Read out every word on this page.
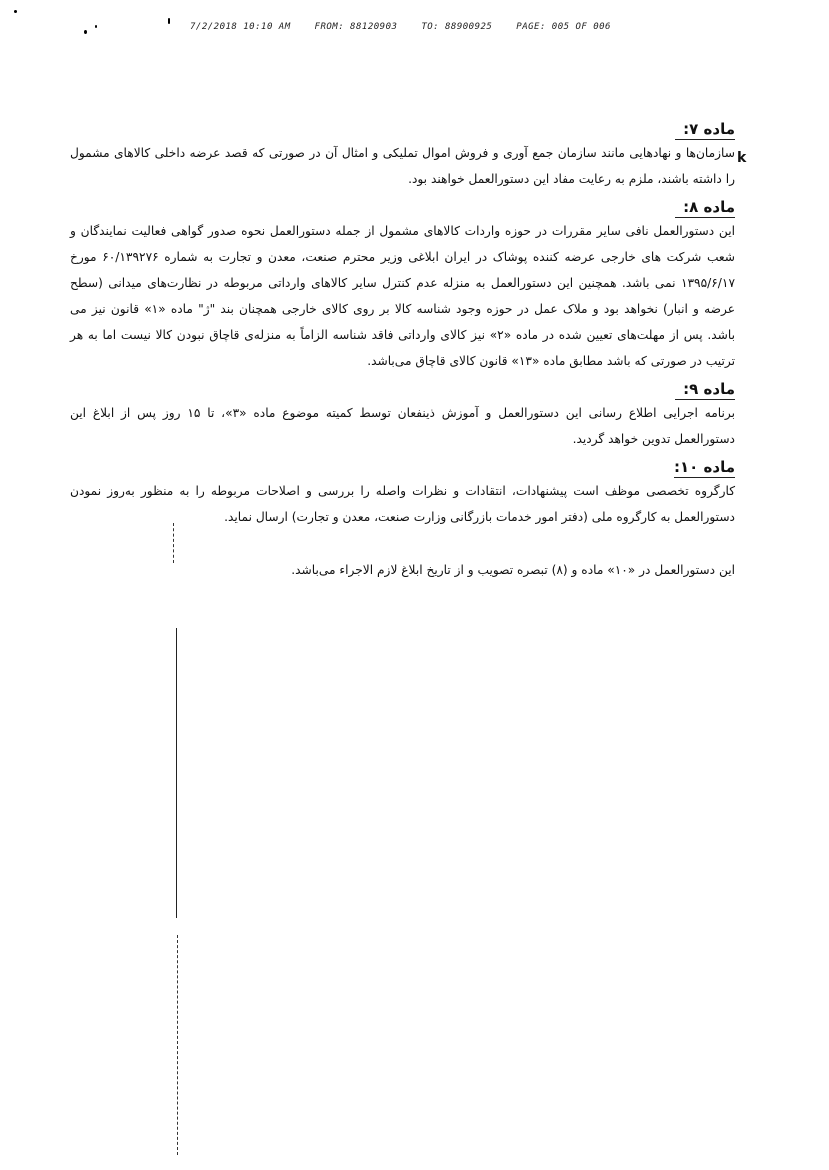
7/2/2018 10:10 AM	FROM: 88120903	TO: 88900925	PAGE: 005 OF 006
k
ماده ۷:

سازمان‌ها و نهادهایی مانند سازمان جمع آوری و فروش اموال تملیکی و امثال آن در صورتی که قصد عرضه داخلی کالاهای مشمول را داشته باشند، ملزم به رعایت مفاد این دستورالعمل خواهند بود.

ماده ۸:

این دستورالعمل نافی سایر مقررات در حوزه واردات کالاهای مشمول از جمله دستورالعمل نحوه صدور گواهی فعالیت نمایندگان و شعب شرکت های خارجی عرضه کننده پوشاک در ایران ابلاغی وزیر محترم صنعت، معدن و تجارت به شماره ۶۰/۱۳۹۲۷۶ مورخ ۱۳۹۵/۶/۱۷ نمی باشد. همچنین این دستورالعمل به منزله عدم کنترل سایر کالاهای وارداتی مربوطه در نظارت‌های میدانی (سطح عرضه و انبار) نخواهد بود و ملاک عمل در حوزه وجود شناسه کالا بر روی کالای خارجی همچنان بند "ژ" ماده «۱» قانون نیز می باشد. پس از مهلت‌های تعیین شده در ماده «۲» نیز کالای وارداتی فاقد شناسه الزاماً به منزله‌ی قاچاق نبودن کالا نیست اما به هر ترتیب در صورتی که باشد مطابق ماده «۱۳» قانون کالای قاچاق می‌باشد.

ماده ۹:

برنامه اجرایی اطلاع رسانی این دستورالعمل و آموزش ذینفعان توسط کمیته موضوع ماده «۳»، تا ۱۵ روز پس از ابلاغ این دستورالعمل تدوین خواهد گردید.

ماده ۱۰:

کارگروه تخصصی موظف است پیشنهادات، انتقادات و نظرات واصله را بررسی و اصلاحات مربوطه را به منظور به‌روز نمودن دستورالعمل به کارگروه ملی (دفتر امور خدمات بازرگانی وزارت صنعت، معدن و تجارت) ارسال نماید.

این دستورالعمل در «۱۰» ماده و (۸) تبصره تصویب و از تاریخ ابلاغ لازم الاجراء می‌باشد.
